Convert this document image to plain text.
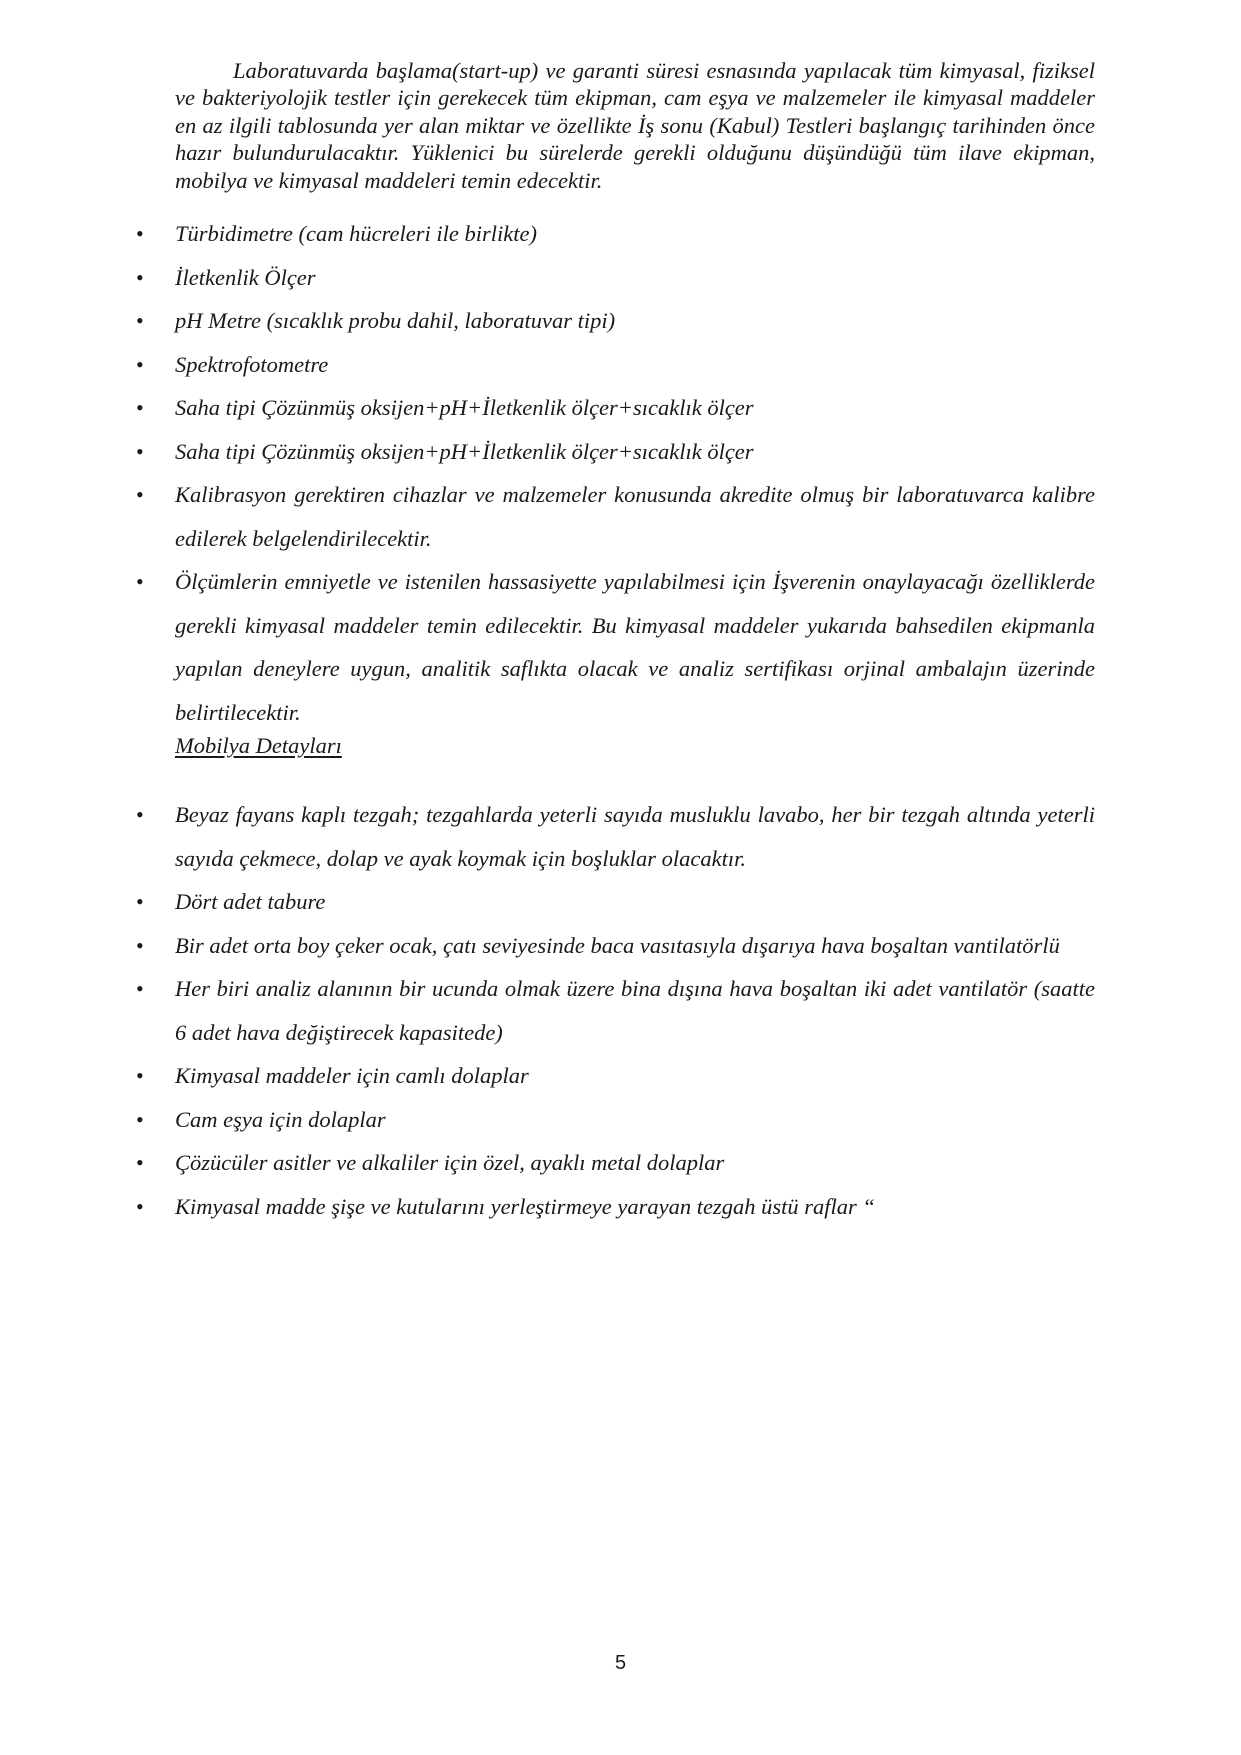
Laboratuvarda başlama(start-up) ve garanti süresi esnasında yapılacak tüm kimyasal, fiziksel ve bakteriyolojik testler için gerekecek tüm ekipman, cam eşya ve malzemeler ile kimyasal maddeler en az ilgili tablosunda yer alan miktar ve özellikte İş sonu (Kabul) Testleri başlangıç tarihinden önce hazır bulundurulacaktır. Yüklenici bu sürelerde gerekli olduğunu düşündüğü tüm ilave ekipman, mobilya ve kimyasal maddeleri temin edecektir.

• Türbidimetre (cam hücreleri ile birlikte)
• İletkenlik Ölçer
• pH Metre (sıcaklık probu dahil, laboratuvar tipi)
• Spektrofotometre
• Saha tipi Çözünmüş oksijen+pH+İletkenlik ölçer+sıcaklık ölçer
• Saha tipi Çözünmüş oksijen+pH+İletkenlik ölçer+sıcaklık ölçer
• Kalibrasyon gerektiren cihazlar ve malzemeler konusunda akredite olmuş bir laboratuvarca kalibre edilerek belgelendirilecektir.
• Ölçümlerin emniyetle ve istenilen hassasiyette yapılabilmesi için İşverenin onaylayacağı özelliklerde gerekli kimyasal maddeler temin edilecektir. Bu kimyasal maddeler yukarıda bahsedilen ekipmanla yapılan deneylere uygun, analitik saflıkta olacak ve analiz sertifikası orjinal ambalajın üzerinde belirtilecektir.

Mobilya Detayları

• Beyaz fayans kaplı tezgah; tezgahlarda yeterli sayıda musluklu lavabo, her bir tezgah altında yeterli sayıda çekmece, dolap ve ayak koymak için boşluklar olacaktır.
• Dört adet tabure
• Bir adet orta boy çeker ocak, çatı seviyesinde baca vasıtasıyla dışarıya hava boşaltan vantilatörlü
• Her biri analiz alanının bir ucunda olmak üzere bina dışına hava boşaltan iki adet vantilatör (saatte 6 adet hava değiştirecek kapasitede)
• Kimyasal maddeler için camlı dolaplar
• Cam eşya için dolaplar
• Çözücüler asitler ve alkaliler için özel, ayaklı metal dolaplar
• Kimyasal madde şişe ve kutularını yerleştirmeye yarayan tezgah üstü raflar “
5
